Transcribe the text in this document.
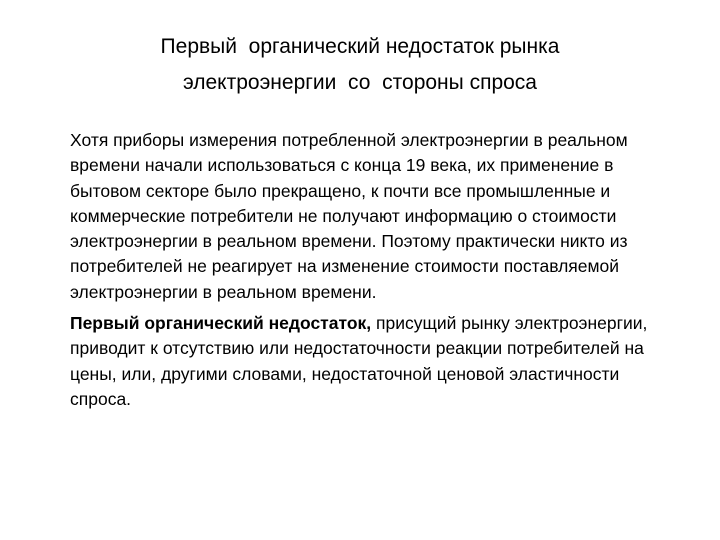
Первый  органический недостаток рынка
электроэнергии  со  стороны спроса

Хотя приборы измерения потребленной электроэнергии в реальном времени начали использоваться с конца 19 века, их применение в бытовом секторе было прекращено, к почти все промышленные и коммерческие потребители не получают информацию о стоимости электроэнергии в реальном времени. Поэтому практически никто из потребителей не реагирует на изменение стоимости поставляемой электроэнергии в реальном времени.

Первый органический недостаток, присущий рынку электроэнергии, приводит к отсутствию или недостаточности реакции потребителей на цены, или, другими словами, недостаточной ценовой эластичности спроса.
